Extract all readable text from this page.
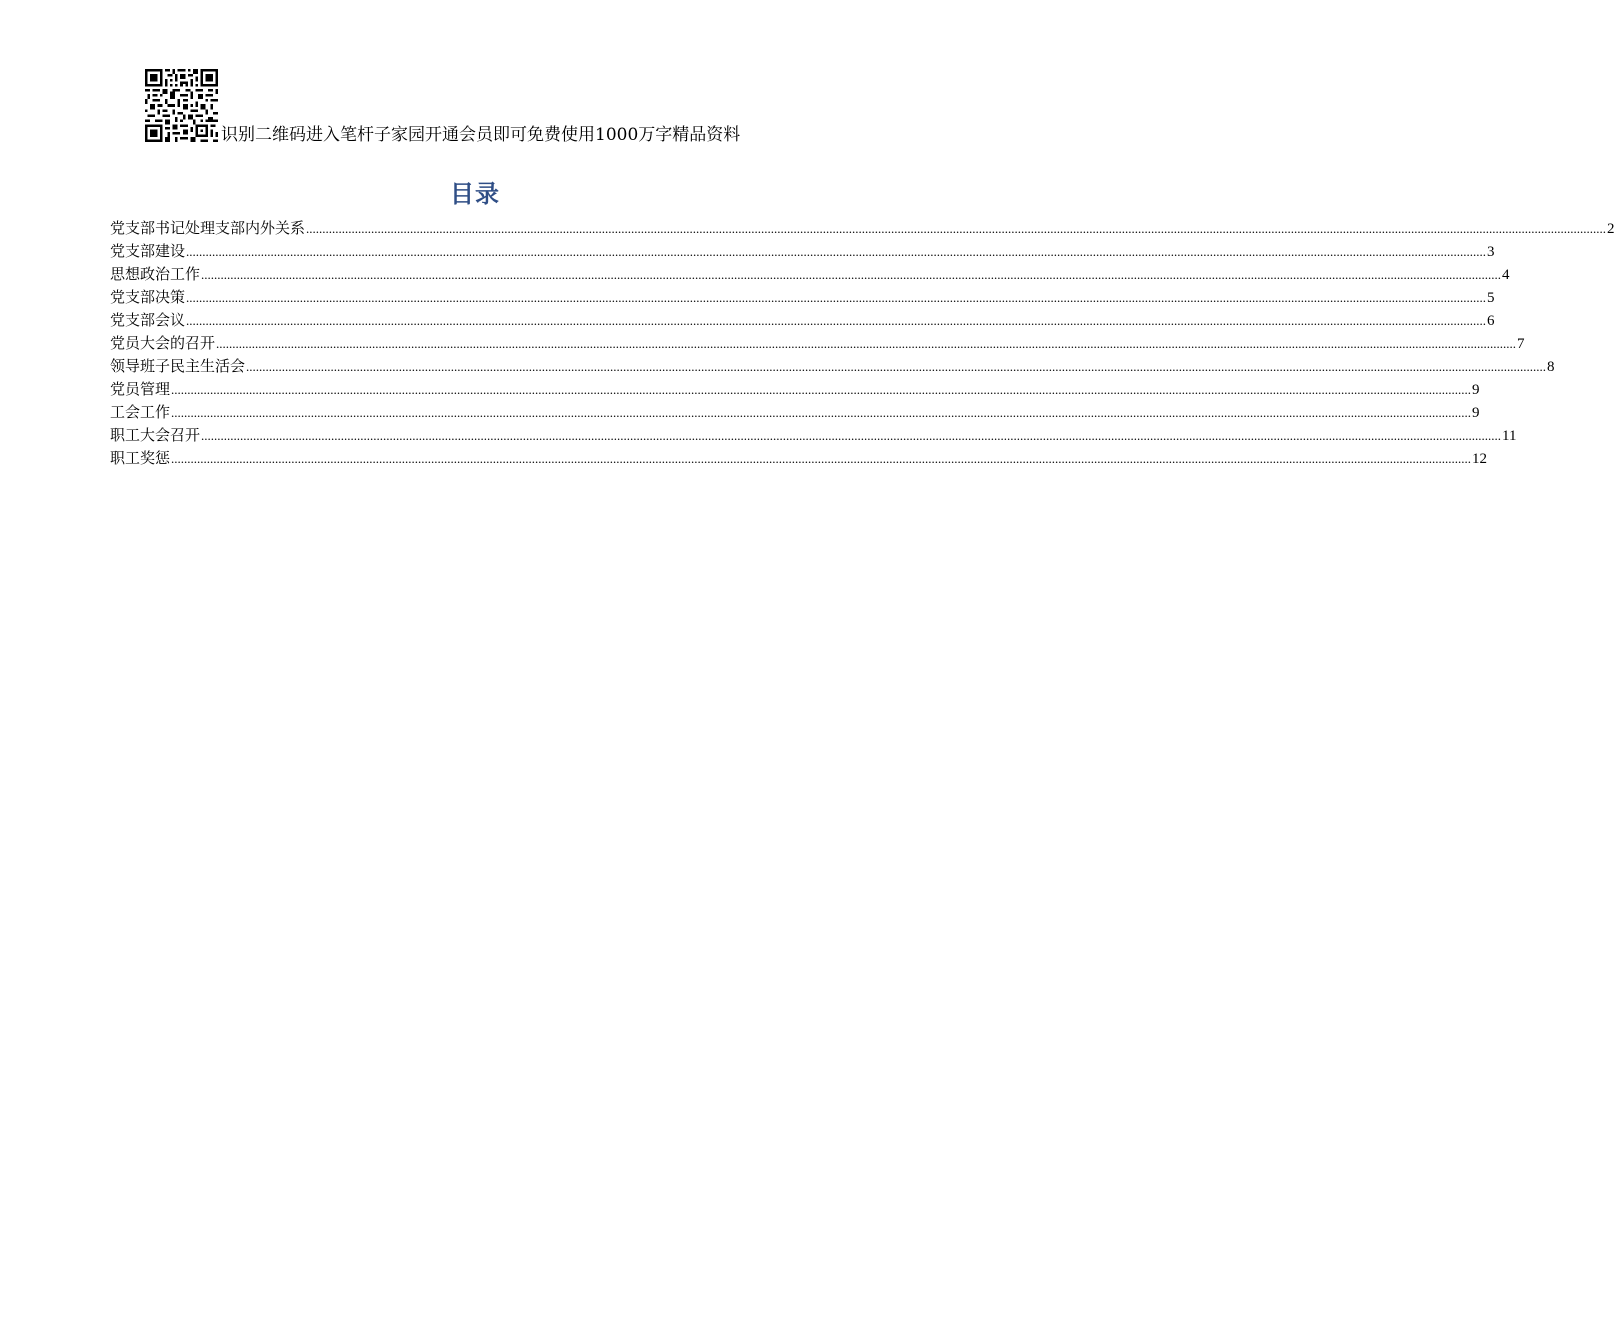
识别二维码进入笔杆子家园开通会员即可免费使用1000万字精品资料
目录
党支部书记处理支部内外关系 ................................................................................................................................................................................................................................................................................................................................................................................................................ 2
党支部建设 ................................................................................................................................................................................................................................................................................................................................................................................................................ 3
思想政治工作 ................................................................................................................................................................................................................................................................................................................................................................................................................ 4
党支部决策 ................................................................................................................................................................................................................................................................................................................................................................................................................ 5
党支部会议 ................................................................................................................................................................................................................................................................................................................................................................................................................ 6
党员大会的召开 ................................................................................................................................................................................................................................................................................................................................................................................................................ 7
领导班子民主生活会 ................................................................................................................................................................................................................................................................................................................................................................................................................ 8
党员管理 ................................................................................................................................................................................................................................................................................................................................................................................................................ 9
工会工作 ................................................................................................................................................................................................................................................................................................................................................................................................................ 9
职工大会召开 ................................................................................................................................................................................................................................................................................................................................................................................................................ 11
职工奖惩 ................................................................................................................................................................................................................................................................................................................................................................................................................ 12
